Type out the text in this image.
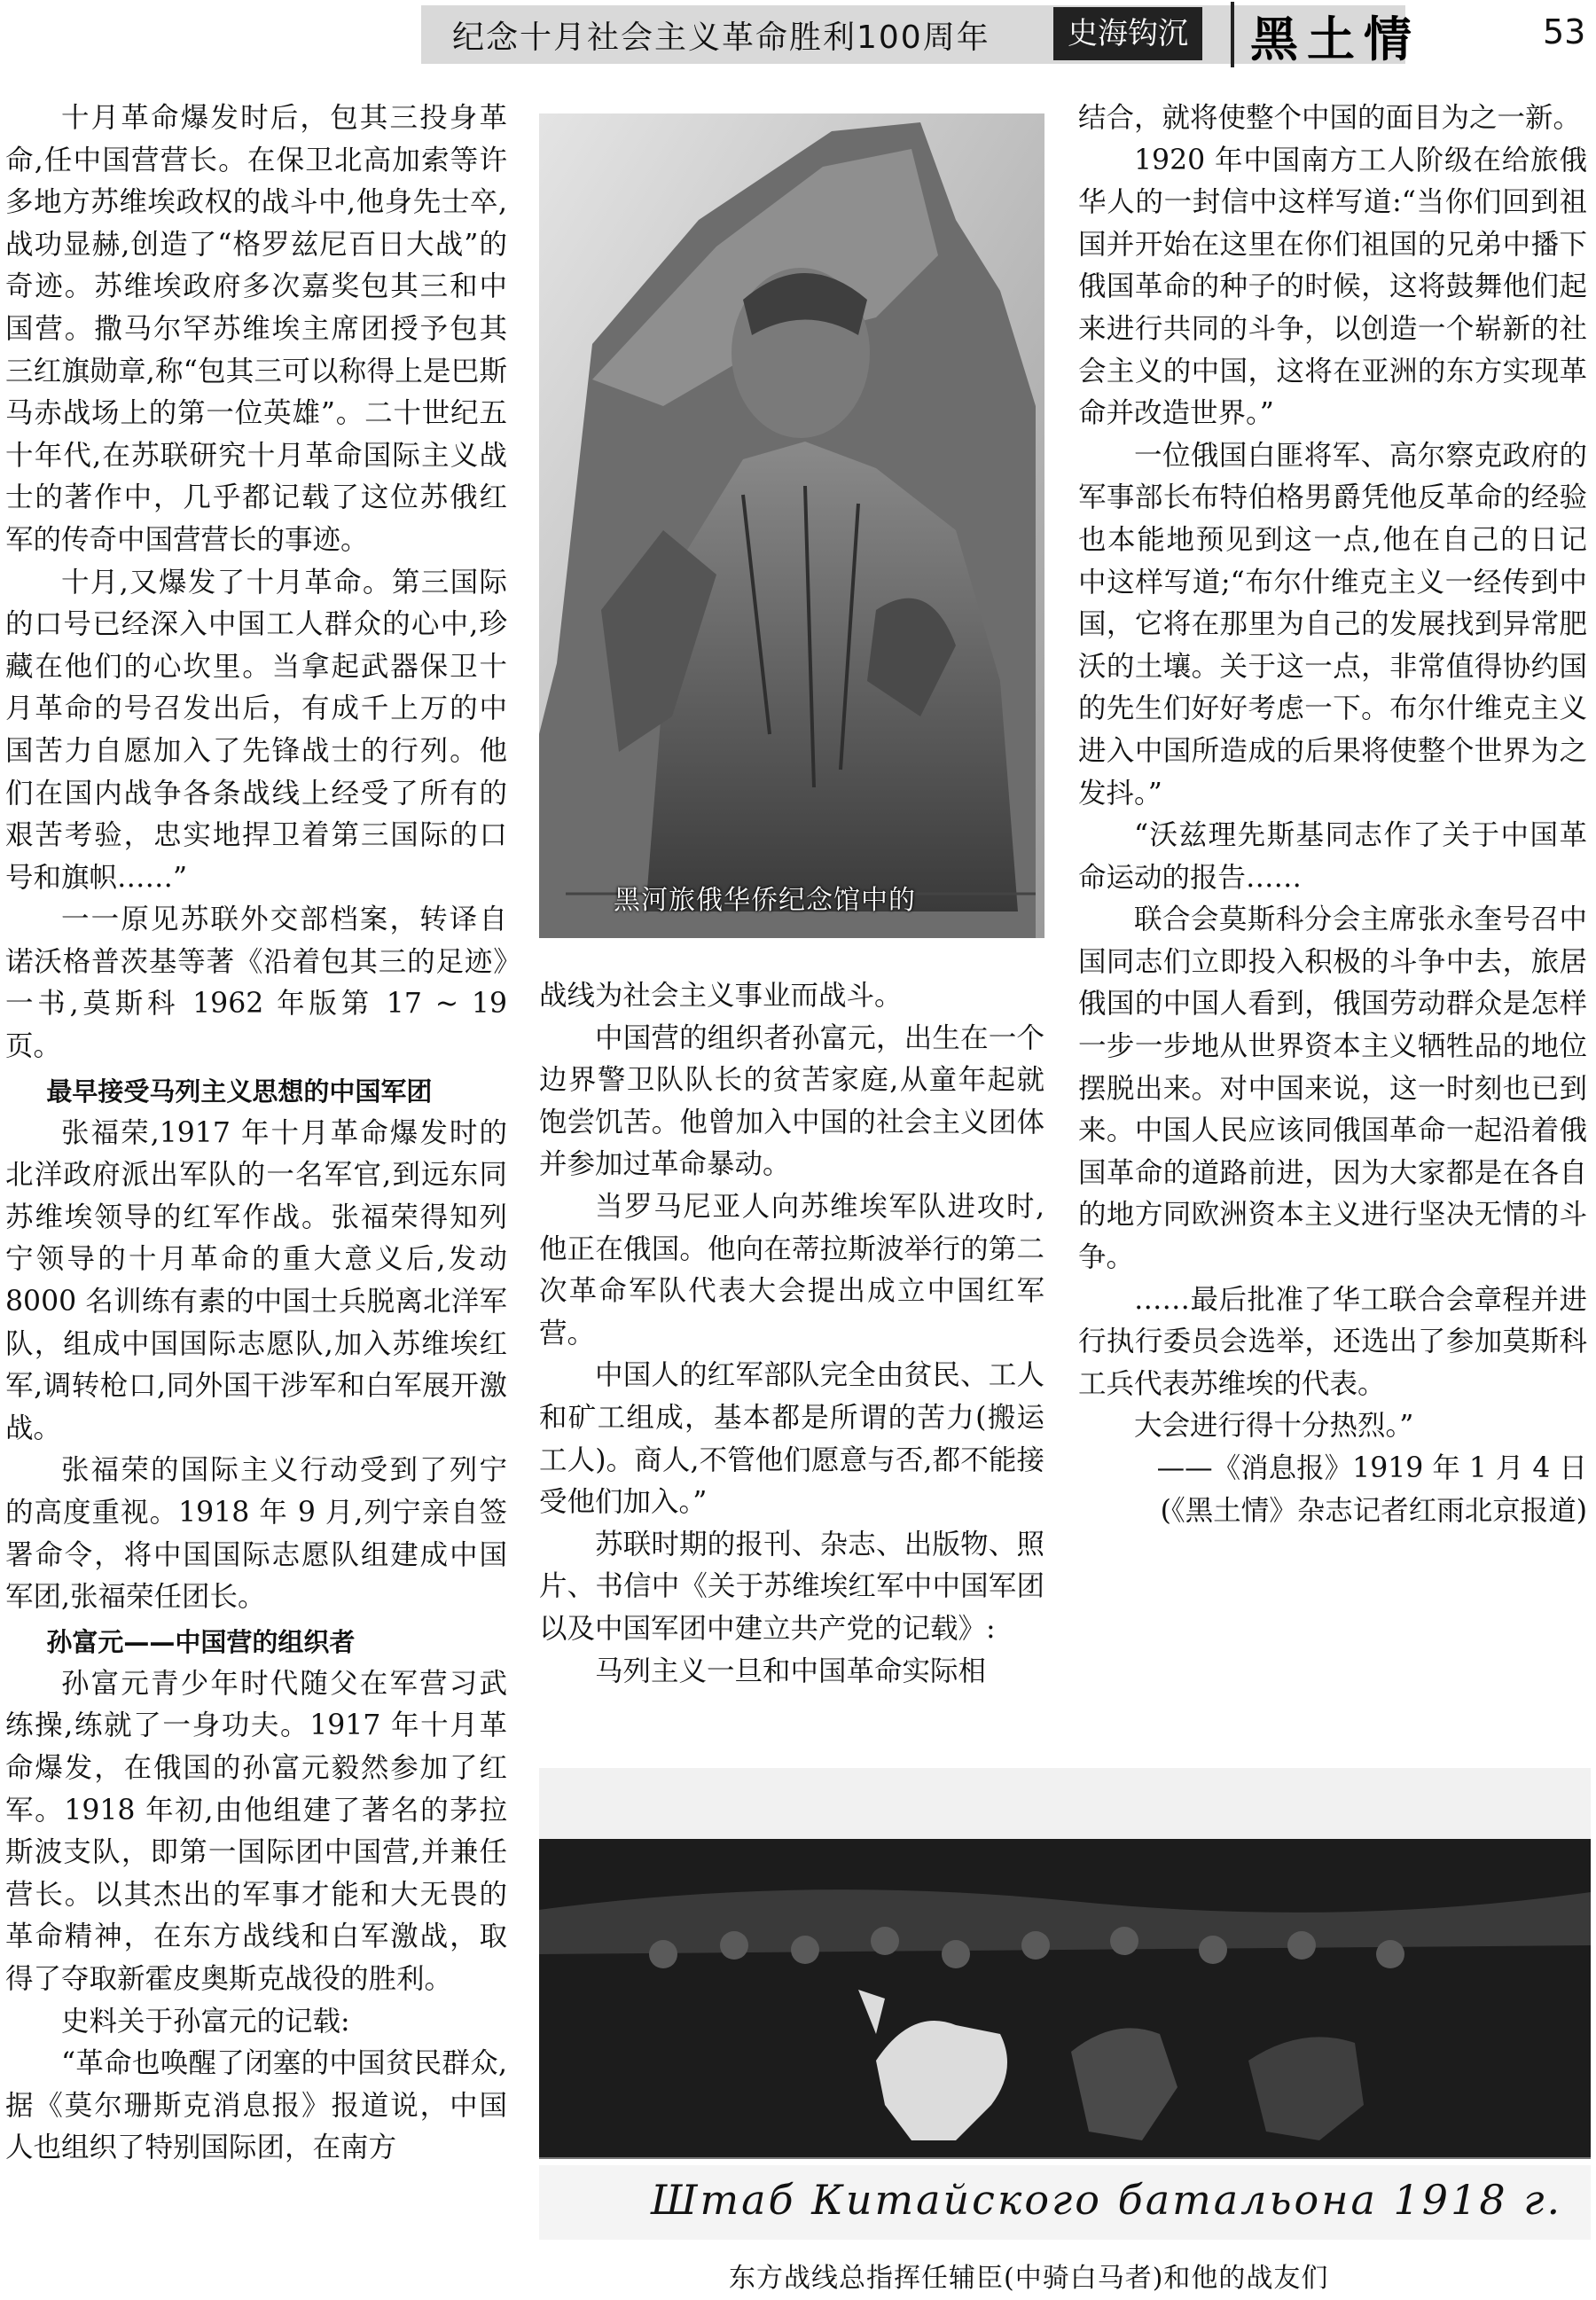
纪念十月社会主义革命胜利100周年	史海钩沉 黑土情	53

十月革命爆发时后，包其三投身革命,任中国营营长。在保卫北高加索等许多地方苏维埃政权的战斗中,他身先士卒,战功显赫,创造了“格罗兹尼百日大战”的奇迹。苏维埃政府多次嘉奖包其三和中国营。撒马尔罕苏维埃主席团授予包其三红旗勋章,称“包其三可以称得上是巴斯马赤战场上的第一位英雄”。二十世纪五十年代,在苏联研究十月革命国际主义战士的著作中，几乎都记载了这位苏俄红军的传奇中国营营长的事迹。

十月,又爆发了十月革命。第三国际的口号已经深入中国工人群众的心中,珍藏在他们的心坎里。当拿起武器保卫十月革命的号召发出后，有成千上万的中国苦力自愿加入了先锋战士的行列。他们在国内战争各条战线上经受了所有的艰苦考验，忠实地捍卫着第三国际的口号和旗帜……”

一一原见苏联外交部档案，转译自诺沃格普茨基等著《沿着包其三的足迹》一书,莫斯科 1962 年版第 17 ~ 19 页。

最早接受马列主义思想的中国军团

张福荣,1917 年十月革命爆发时的北洋政府派出军队的一名军官,到远东同苏维埃领导的红军作战。张福荣得知列宁领导的十月革命的重大意义后,发动 8000 名训练有素的中国士兵脱离北洋军队，组成中国国际志愿队,加入苏维埃红军,调转枪口,同外国干涉军和白军展开激战。

张福荣的国际主义行动受到了列宁的高度重视。1918 年 9 月,列宁亲自签署命令，将中国国际志愿队组建成中国军团,张福荣任团长。

孙富元——中国营的组织者

孙富元青少年时代随父在军营习武练操,练就了一身功夫。1917 年十月革命爆发，在俄国的孙富元毅然参加了红军。1918 年初,由他组建了著名的茅拉斯波支队，即第一国际团中国营,并兼任营长。以其杰出的军事才能和大无畏的革命精神，在东方战线和白军激战，取得了夺取新霍皮奥斯克战役的胜利。

史料关于孙富元的记载:

“革命也唤醒了闭塞的中国贫民群众,据《莫尔珊斯克消息报》报道说，中国人也组织了特别国际团，在南方

黑河旅俄华侨纪念馆中的

战线为社会主义事业而战斗。

中国营的组织者孙富元，出生在一个边界警卫队队长的贫苦家庭,从童年起就饱尝饥苦。他曾加入中国的社会主义团体并参加过革命暴动。

当罗马尼亚人向苏维埃军队进攻时,他正在俄国。他向在蒂拉斯波举行的第二次革命军队代表大会提出成立中国红军营。

中国人的红军部队完全由贫民、工人和矿工组成，基本都是所谓的苦力(搬运工人)。商人,不管他们愿意与否,都不能接受他们加入。”

苏联时期的报刊、杂志、出版物、照片、书信中《关于苏维埃红军中中国军团以及中国军团中建立共产党的记载》:

马列主义一旦和中国革命实际相

结合，就将使整个中国的面目为之一新。

1920 年中国南方工人阶级在给旅俄华人的一封信中这样写道:“当你们回到祖国并开始在这里在你们祖国的兄弟中播下俄国革命的种子的时候，这将鼓舞他们起来进行共同的斗争，以创造一个崭新的社会主义的中国，这将在亚洲的东方实现革命并改造世界。”

一位俄国白匪将军、高尔察克政府的军事部长布特伯格男爵凭他反革命的经验也本能地预见到这一点,他在自己的日记中这样写道;“布尔什维克主义一经传到中国，它将在那里为自己的发展找到异常肥沃的土壤。关于这一点，非常值得协约国的先生们好好考虑一下。布尔什维克主义进入中国所造成的后果将使整个世界为之发抖。”

“沃兹理先斯基同志作了关于中国革命运动的报告……

联合会莫斯科分会主席张永奎号召中国同志们立即投入积极的斗争中去，旅居俄国的中国人看到，俄国劳动群众是怎样一步一步地从世界资本主义牺牲品的地位摆脱出来。对中国来说，这一时刻也已到来。中国人民应该同俄国革命一起沿着俄国革命的道路前进，因为大家都是在各自的地方同欧洲资本主义进行坚决无情的斗争。

……最后批准了华工联合会章程并进行执行委员会选举，还选出了参加莫斯科工兵代表苏维埃的代表。

大会进行得十分热烈。”

——《消息报》1919 年 1 月 4 日

(《黑土情》杂志记者红雨北京报道)

Штаб Китайского батальона 1918 г.
东方战线总指挥任辅臣(中骑白马者)和他的战友们
